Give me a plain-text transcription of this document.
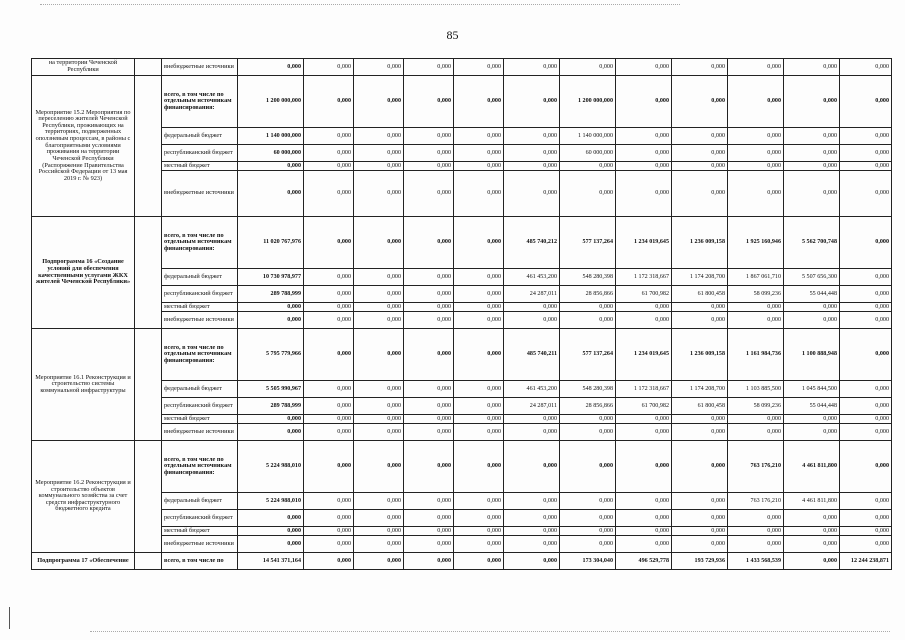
85
на территории Чеченской Республики		внебюджетные источники	0,000	0,000	0,000	0,000	0,000	0,000	0,000	0,000	0,000	0,000	0,000	0,000
Мероприятие 15.2 Мероприятия по переселению жителей Чеченской Республики, проживающих на территориях, подверженных оползневым процессам, в районы с благоприятными условиями проживания на территории Чеченской Республики (Распоряжение Правительства Российской Федерации от 13 мая 2019 г. № 923)		всего, в том числе по отдельным источникам финансирования:	1 200 000,000	0,000	0,000	0,000	0,000	0,000	1 200 000,000	0,000	0,000	0,000	0,000	0,000
		федеральный бюджет	1 140 000,000	0,000	0,000	0,000	0,000	0,000	1 140 000,000	0,000	0,000	0,000	0,000	0,000
		республиканский бюджет	60 000,000	0,000	0,000	0,000	0,000	0,000	60 000,000	0,000	0,000	0,000	0,000	0,000
		местный бюджет	0,000	0,000	0,000	0,000	0,000	0,000	0,000	0,000	0,000	0,000	0,000	0,000
		внебюджетные источники	0,000	0,000	0,000	0,000	0,000	0,000	0,000	0,000	0,000	0,000	0,000	0,000
Подпрограмма 16 «Создание условий для обеспечения качественными услугами ЖКХ жителей Чеченской Республики»		всего, в том числе по отдельным источникам финансирования:	11 020 767,976	0,000	0,000	0,000	0,000	485 740,212	577 137,264	1 234 019,645	1 236 009,158	1 925 160,946	5 562 700,748	0,000
		федеральный бюджет	10 730 978,977	0,000	0,000	0,000	0,000	461 453,200	548 280,398	1 172 318,667	1 174 208,700	1 867 061,710	5 507 656,300	0,000
		республиканский бюджет	289 788,999	0,000	0,000	0,000	0,000	24 287,011	28 856,866	61 700,982	61 800,458	58 099,236	55 044,448	0,000
		местный бюджет	0,000	0,000	0,000	0,000	0,000	0,000	0,000	0,000	0,000	0,000	0,000	0,000
		внебюджетные источники	0,000	0,000	0,000	0,000	0,000	0,000	0,000	0,000	0,000	0,000	0,000	0,000
Мероприятие 16.1 Реконструкция и строительство системы коммунальной инфраструктуры		всего, в том числе по отдельным источникам финансирования:	5 795 779,966	0,000	0,000	0,000	0,000	485 740,211	577 137,264	1 234 019,645	1 236 009,158	1 161 984,736	1 100 888,948	0,000
		федеральный бюджет	5 505 990,967	0,000	0,000	0,000	0,000	461 453,200	548 280,398	1 172 318,667	1 174 208,700	1 103 885,500	1 045 844,500	0,000
		республиканский бюджет	289 788,999	0,000	0,000	0,000	0,000	24 287,011	28 856,866	61 700,982	61 800,458	58 099,236	55 044,448	0,000
		местный бюджет	0,000	0,000	0,000	0,000	0,000	0,000	0,000	0,000	0,000	0,000	0,000	0,000
		внебюджетные источники	0,000	0,000	0,000	0,000	0,000	0,000	0,000	0,000	0,000	0,000	0,000	0,000
Мероприятие 16.2 Реконструкция и строительство объектов коммунального хозяйства за счет средств инфраструктурного бюджетного кредита		всего, в том числе по отдельным источникам финансирования:	5 224 988,010	0,000	0,000	0,000	0,000	0,000	0,000	0,000	0,000	763 176,210	4 461 811,800	0,000
		федеральный бюджет	5 224 988,010	0,000	0,000	0,000	0,000	0,000	0,000	0,000	0,000	763 176,210	4 461 811,800	0,000
		республиканский бюджет	0,000	0,000	0,000	0,000	0,000	0,000	0,000	0,000	0,000	0,000	0,000	0,000
		местный бюджет	0,000	0,000	0,000	0,000	0,000	0,000	0,000	0,000	0,000	0,000	0,000	0,000
		внебюджетные источники	0,000	0,000	0,000	0,000	0,000	0,000	0,000	0,000	0,000	0,000	0,000	0,000
Подпрограмма 17 «Обеспечение		всего, в том числе по	14 541 371,164	0,000	0,000	0,000	0,000	0,000	173 304,040	496 529,778	193 729,936	1 433 568,539	0,000	12 244 238,871
